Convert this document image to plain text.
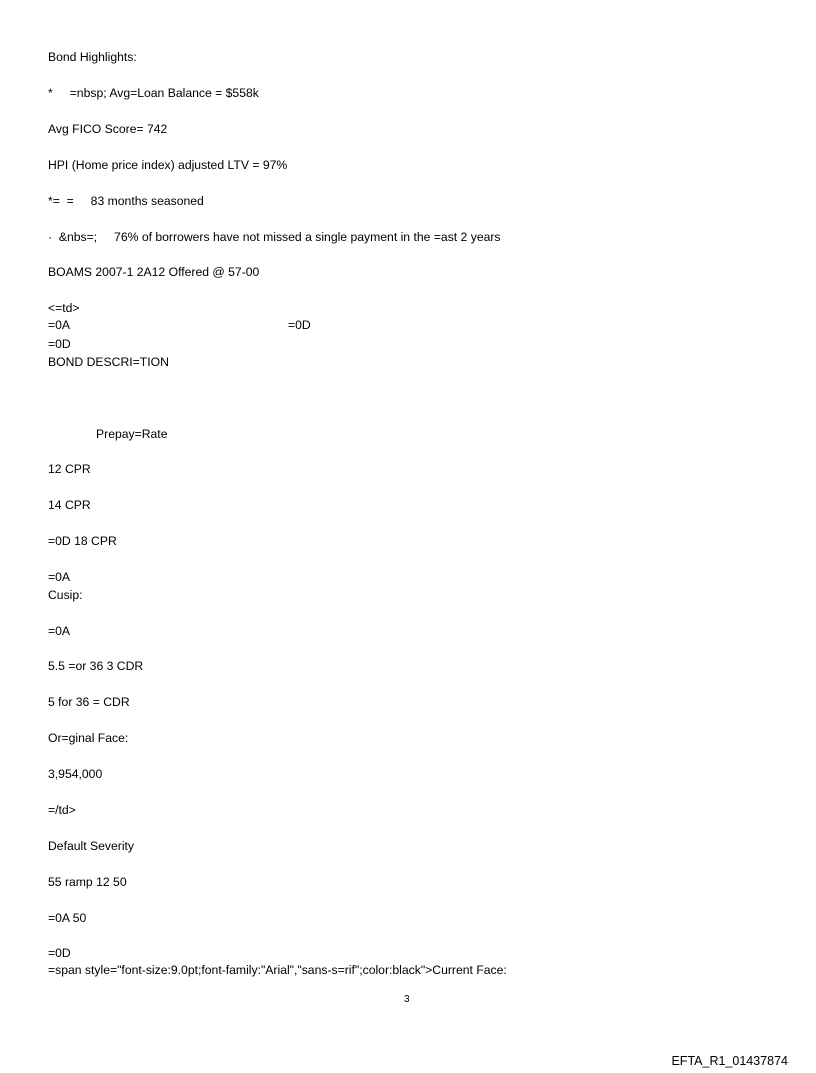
Bond Highlights:
*     =nbsp; Avg=Loan Balance = $558k
Avg FICO Score= 742
HPI (Home price index) adjusted LTV = 97%
*=  =     83 months seasoned
·  &nbs=;     76% of borrowers have not missed a single payment in the =ast 2 years
BOAMS 2007-1 2A12 Offered @ 57-00
<=td>
=0A	=0D
=0D
BOND DESCRI=TION
Prepay=Rate
12 CPR
14 CPR
=0D 18 CPR
=0A
Cusip:
=0A
5.5 =or 36 3 CDR
5 for 36 = CDR
Or=ginal Face:
3,954,000
=/td>
Default Severity
55 ramp 12 50
=0A 50
=0D
=span style="font-size:9.0pt;font-family:"Arial","sans-s=rif";color:black">Current Face:
3
EFTA_R1_01437874
